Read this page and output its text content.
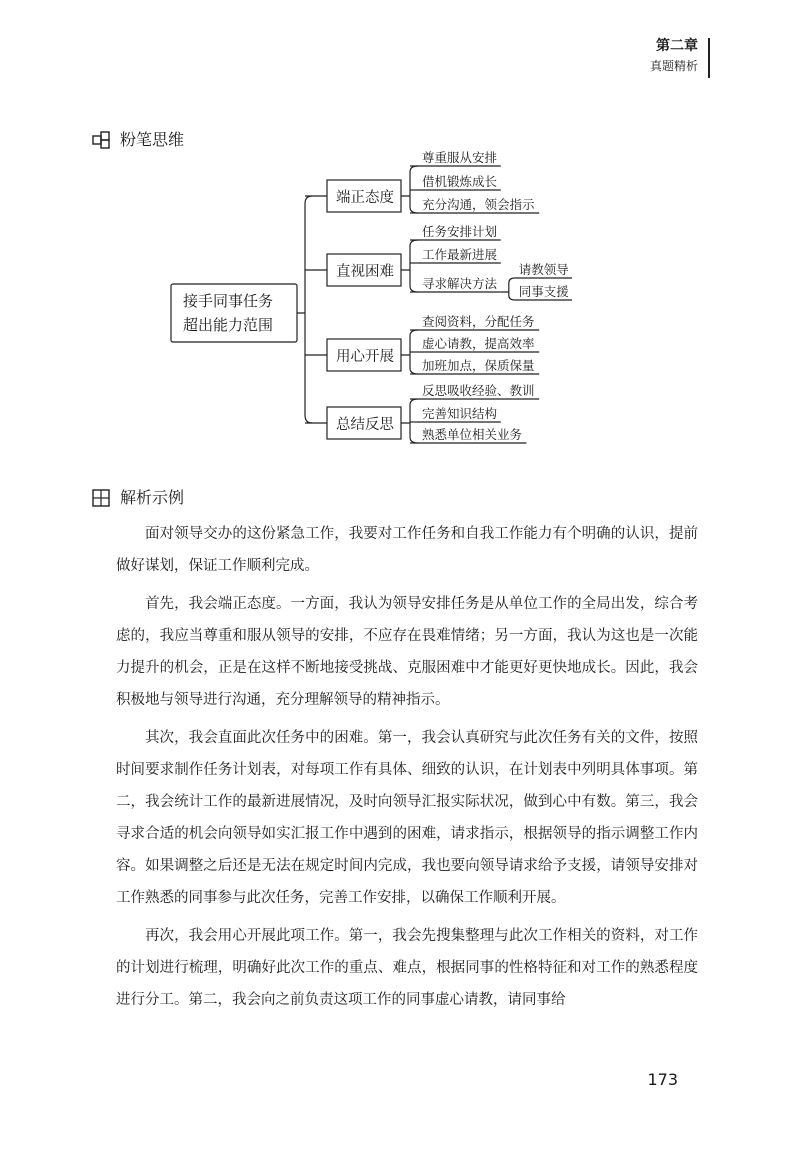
第二章
真题精析
粉笔思维
接手同事任务
超出能力范围
端正态度
尊重服从安排
借机锻炼成长
充分沟通，领会指示
直视困难
任务安排计划
工作最新进展
寻求解决方法
请教领导
同事支援
用心开展
查阅资料，分配任务
虚心请教，提高效率
加班加点，保质保量
总结反思
反思吸收经验、教训
完善知识结构
熟悉单位相关业务
解析示例

面对领导交办的这份紧急工作，我要对工作任务和自我工作能力有个明确的认识，提前做好谋划，保证工作顺利完成。

首先，我会端正态度。一方面，我认为领导安排任务是从单位工作的全局出发，综合考虑的，我应当尊重和服从领导的安排，不应存在畏难情绪；另一方面，我认为这也是一次能力提升的机会，正是在这样不断地接受挑战、克服困难中才能更好更快地成长。因此，我会积极地与领导进行沟通，充分理解领导的精神指示。

其次，我会直面此次任务中的困难。第一，我会认真研究与此次任务有关的文件，按照时间要求制作任务计划表，对每项工作有具体、细致的认识，在计划表中列明具体事项。第二，我会统计工作的最新进展情况，及时向领导汇报实际状况，做到心中有数。第三，我会寻求合适的机会向领导如实汇报工作中遇到的困难，请求指示，根据领导的指示调整工作内容。如果调整之后还是无法在规定时间内完成，我也要向领导请求给予支援，请领导安排对工作熟悉的同事参与此次任务，完善工作安排，以确保工作顺利开展。

再次，我会用心开展此项工作。第一，我会先搜集整理与此次工作相关的资料，对工作的计划进行梳理，明确好此次工作的重点、难点，根据同事的性格特征和对工作的熟悉程度进行分工。第二，我会向之前负责这项工作的同事虚心请教，请同事给

173
